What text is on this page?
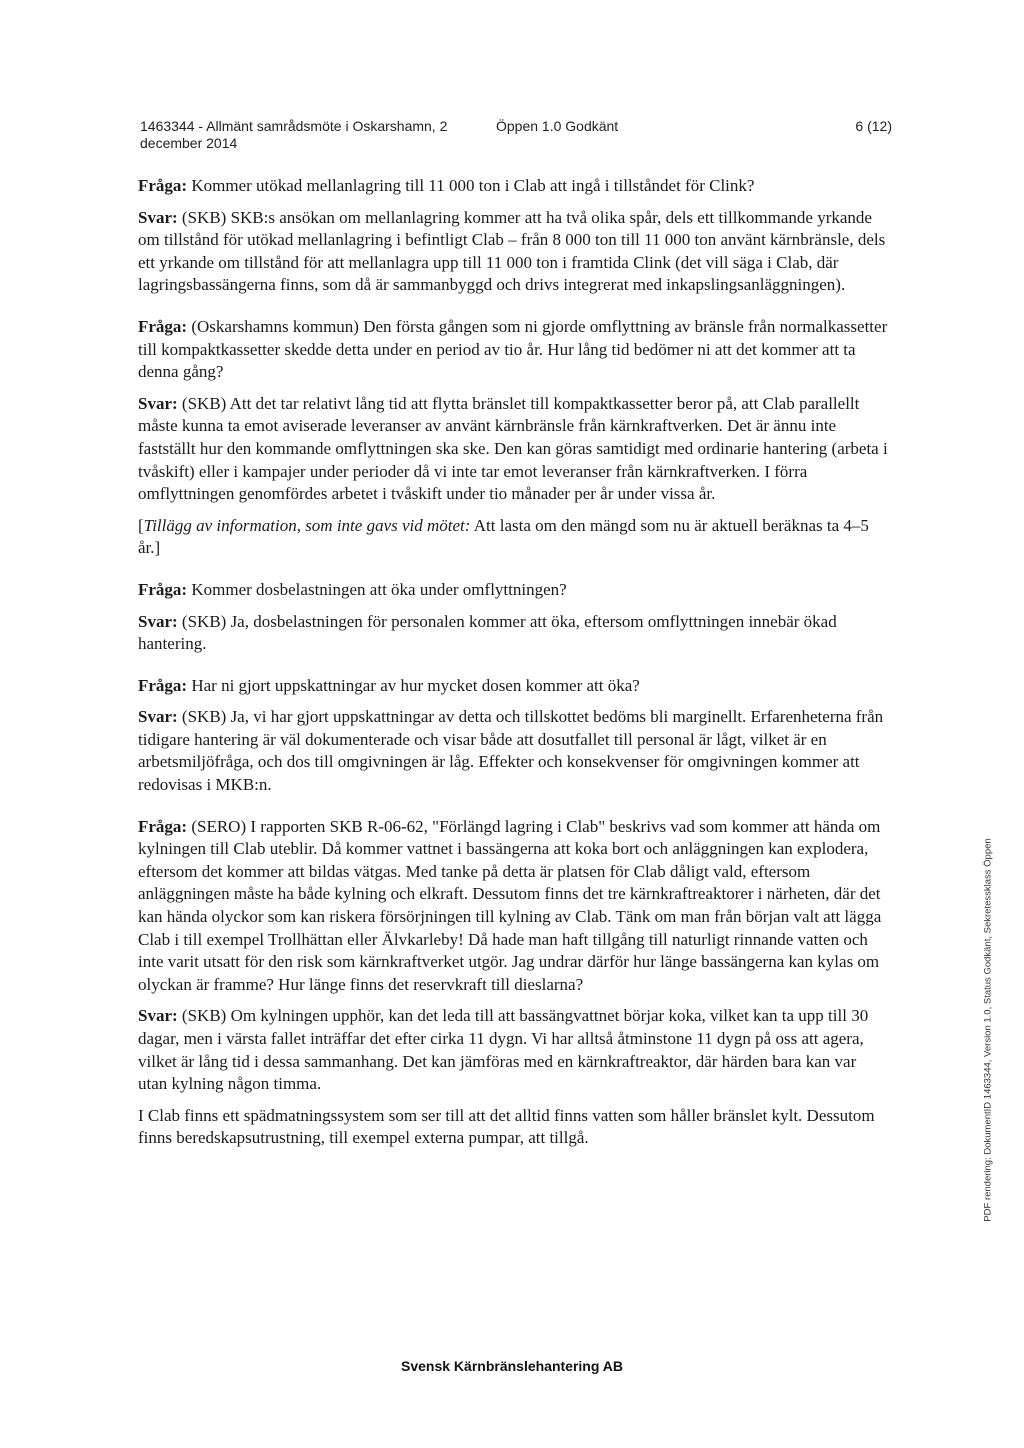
1463344 - Allmänt samrådsmöte i Oskarshamn, 2 december 2014
Öppen 1.0 Godkänt	6 (12)

Fråga: Kommer utökad mellanlagring till 11 000 ton i Clab att ingå i tillståndet för Clink?

Svar: (SKB) SKB:s ansökan om mellanlagring kommer att ha två olika spår, dels ett tillkommande yrkande om tillstånd för utökad mellanlagring i befintligt Clab – från 8 000 ton till 11 000 ton använt kärnbränsle, dels ett yrkande om tillstånd för att mellanlagra upp till 11 000 ton i framtida Clink (det vill säga i Clab, där lagringsbassängerna finns, som då är sammanbyggd och drivs integrerat med inkapslingsanläggningen).

Fråga: (Oskarshamns kommun) Den första gången som ni gjorde omflyttning av bränsle från normalkassetter till kompaktkassetter skedde detta under en period av tio år. Hur lång tid bedömer ni att det kommer att ta denna gång?

Svar: (SKB) Att det tar relativt lång tid att flytta bränslet till kompaktkassetter beror på, att Clab parallellt måste kunna ta emot aviserade leveranser av använt kärnbränsle från kärnkraftverken. Det är ännu inte fastställt hur den kommande omflyttningen ska ske. Den kan göras samtidigt med ordinarie hantering (arbeta i tvåskift) eller i kampajer under perioder då vi inte tar emot leveranser från kärnkraftverken. I förra omflyttningen genomfördes arbetet i tvåskift under tio månader per år under vissa år.

[Tillägg av information, som inte gavs vid mötet: Att lasta om den mängd som nu är aktuell beräknas ta 4–5 år.]

Fråga: Kommer dosbelastningen att öka under omflyttningen?

Svar: (SKB) Ja, dosbelastningen för personalen kommer att öka, eftersom omflyttningen innebär ökad hantering.

Fråga: Har ni gjort uppskattningar av hur mycket dosen kommer att öka?

Svar: (SKB) Ja, vi har gjort uppskattningar av detta och tillskottet bedöms bli marginellt. Erfarenheterna från tidigare hantering är väl dokumenterade och visar både att dosutfallet till personal är lågt, vilket är en arbetsmiljöfråga, och dos till omgivningen är låg. Effekter och konsekvenser för omgivningen kommer att redovisas i MKB:n.

Fråga: (SERO) I rapporten SKB R-06-62, "Förlängd lagring i Clab" beskrivs vad som kommer att hända om kylningen till Clab uteblir. Då kommer vattnet i bassängerna att koka bort och anläggningen kan explodera, eftersom det kommer att bildas vätgas. Med tanke på detta är platsen för Clab dåligt vald, eftersom anläggningen måste ha både kylning och elkraft. Dessutom finns det tre kärnkraftreaktorer i närheten, där det kan hända olyckor som kan riskera försörjningen till kylning av Clab. Tänk om man från början valt att lägga Clab i till exempel Trollhättan eller Älvkarleby! Då hade man haft tillgång till naturligt rinnande vatten och inte varit utsatt för den risk som kärnkraftverket utgör. Jag undrar därför hur länge bassängerna kan kylas om olyckan är framme? Hur länge finns det reservkraft till dieslarna?

Svar: (SKB) Om kylningen upphör, kan det leda till att bassängvattnet börjar koka, vilket kan ta upp till 30 dagar, men i värsta fallet inträffar det efter cirka 11 dygn. Vi har alltså åtminstone 11 dygn på oss att agera, vilket är lång tid i dessa sammanhang. Det kan jämföras med en kärnkraftreaktor, där härden bara kan var utan kylning någon timma.

I Clab finns ett spädmatningssystem som ser till att det alltid finns vatten som håller bränslet kylt. Dessutom finns beredskapsutrustning, till exempel externa pumpar, att tillgå.

Svensk Kärnbränslehantering AB
PDF rendering: DokumentID 1463344, Version 1.0, Status Godkänt, Sekretessklass Öppen
